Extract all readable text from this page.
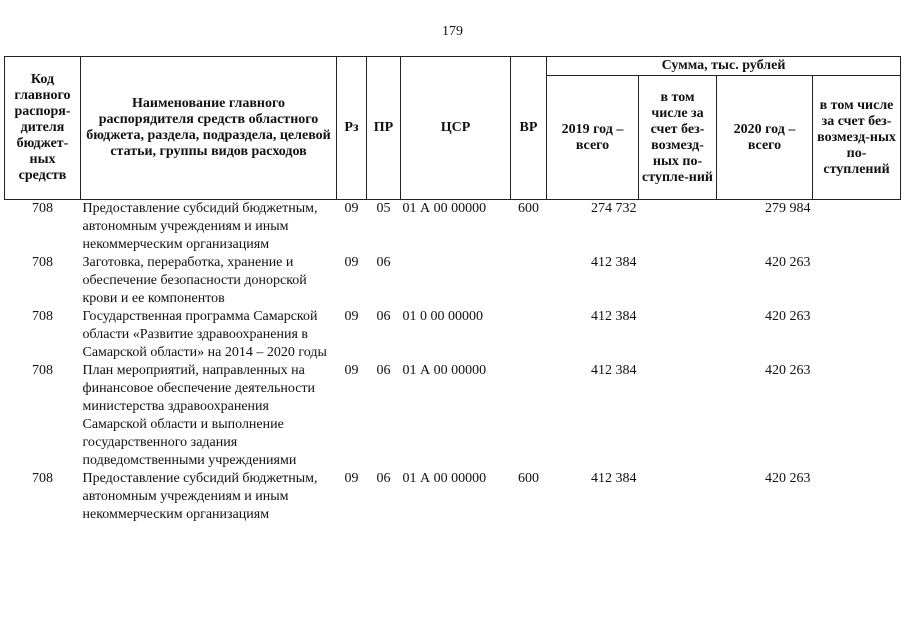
179
Код главного распоря-дителя бюджет-ных средств	Наименование главного распорядителя средств областного бюджета, раздела, подраздела, целевой статьи, группы видов расходов	Рз	ПР	ЦСР	ВР	Сумма, тыс. рублей			
						2019 год – всего	в том числе за счет без-возмезд-ных по-ступле-ний	2020 год – всего	в том числе за счет без-возмезд-ных по-ступлений
708	Предоставление субсидий бюджетным, автономным учреждениям и иным некоммерческим организациям	09	05	01 А 00 00000	600	274 732		279 984	
708	Заготовка, переработка, хранение и обеспечение безопасности донорской крови и ее компонентов	09	06			412 384		420 263	
708	Государственная программа Самарской области «Развитие здравоохранения в Самарской области» на 2014 – 2020 годы	09	06	01 0 00 00000		412 384		420 263	
708	План мероприятий, направленных на финансовое обеспечение деятельности министерства здравоохранения Самарской области и выполнение государственного задания подведомственными учреждениями	09	06	01 А 00 00000		412 384		420 263	
708	Предоставление субсидий бюджетным, автономным учреждениям и иным некоммерческим организациям	09	06	01 А 00 00000	600	412 384		420 263	
